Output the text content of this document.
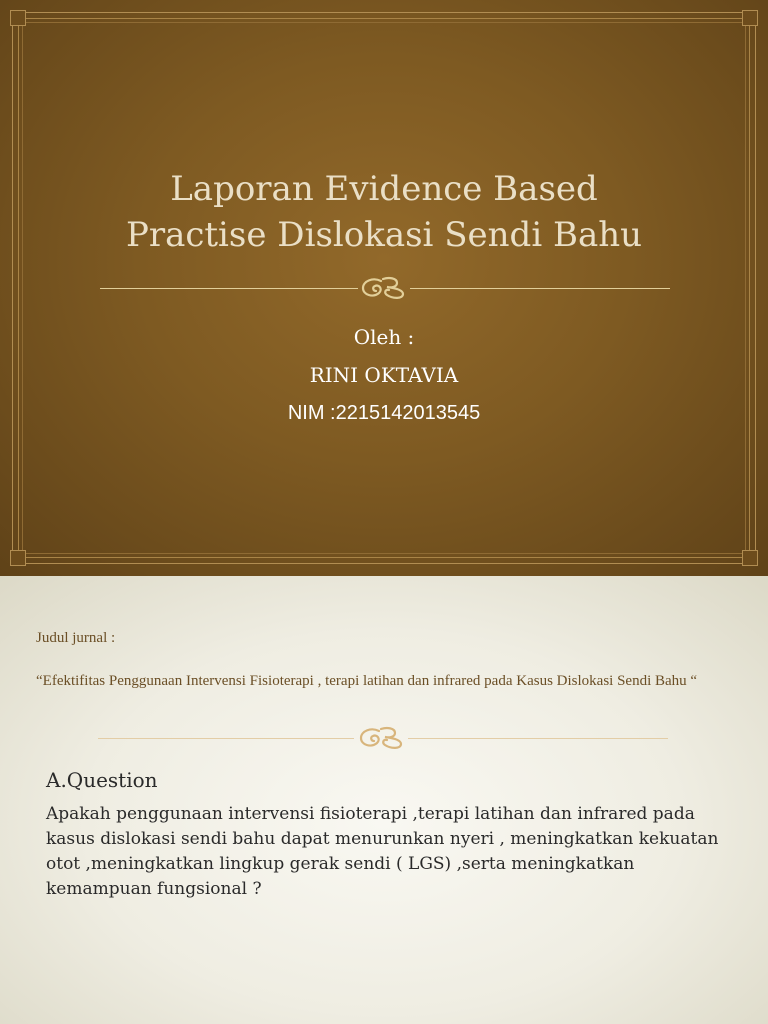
Laporan Evidence Based
Practise Dislokasi Sendi Bahu
Oleh :
RINI OKTAVIA
NIM :2215142013545
Judul jurnal :
“Efektifitas Penggunaan Intervensi Fisioterapi , terapi latihan dan infrared pada Kasus Dislokasi Sendi Bahu “
A.Question
Apakah penggunaan intervensi fisioterapi ,terapi latihan dan infrared pada kasus dislokasi sendi bahu dapat menurunkan nyeri , meningkatkan kekuatan otot ,meningkatkan lingkup gerak sendi ( LGS) ,serta meningkatkan kemampuan fungsional ?
